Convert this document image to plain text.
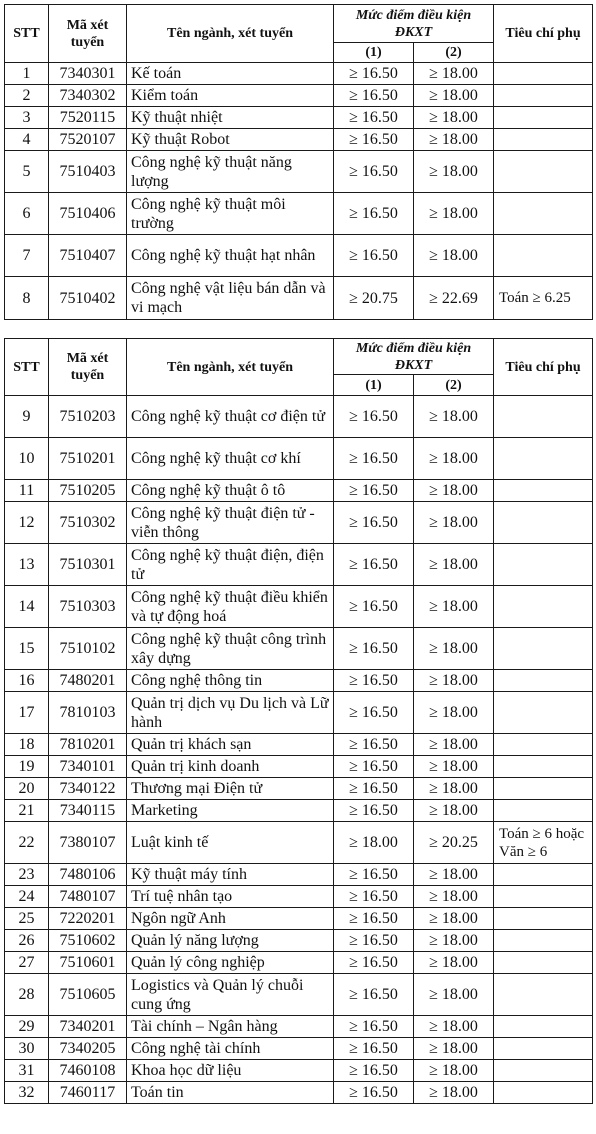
STT	Mã xét tuyển	Tên ngành, xét tuyển	Mức điểm điều kiện ĐKXT		Tiêu chí phụ
			(1)	(2)	
1	7340301	Kế toán	≥ 16.50	≥ 18.00	
2	7340302	Kiểm toán	≥ 16.50	≥ 18.00	
3	7520115	Kỹ thuật nhiệt	≥ 16.50	≥ 18.00	
4	7520107	Kỹ thuật Robot	≥ 16.50	≥ 18.00	
5	7510403	Công nghệ kỹ thuật năng lượng	≥ 16.50	≥ 18.00	
6	7510406	Công nghệ kỹ thuật môi trường	≥ 16.50	≥ 18.00	
7	7510407	Công nghệ kỹ thuật hạt nhân	≥ 16.50	≥ 18.00	
8	7510402	Công nghệ vật liệu bán dẫn và vi mạch	≥ 20.75	≥ 22.69	Toán ≥ 6.25
STT	Mã xét tuyển	Tên ngành, xét tuyển	Mức điểm điều kiện ĐKXT		Tiêu chí phụ
			(1)	(2)	
9	7510203	Công nghệ kỹ thuật cơ điện tử	≥ 16.50	≥ 18.00	
10	7510201	Công nghệ kỹ thuật cơ khí	≥ 16.50	≥ 18.00	
11	7510205	Công nghệ kỹ thuật ô tô	≥ 16.50	≥ 18.00	
12	7510302	Công nghệ kỹ thuật điện tử - viễn thông	≥ 16.50	≥ 18.00	
13	7510301	Công nghệ kỹ thuật điện, điện tử	≥ 16.50	≥ 18.00	
14	7510303	Công nghệ kỹ thuật điều khiển và tự động hoá	≥ 16.50	≥ 18.00	
15	7510102	Công nghệ kỹ thuật công trình xây dựng	≥ 16.50	≥ 18.00	
16	7480201	Công nghệ thông tin	≥ 16.50	≥ 18.00	
17	7810103	Quản trị dịch vụ Du lịch và Lữ hành	≥ 16.50	≥ 18.00	
18	7810201	Quản trị khách sạn	≥ 16.50	≥ 18.00	
19	7340101	Quản trị kinh doanh	≥ 16.50	≥ 18.00	
20	7340122	Thương mại Điện tử	≥ 16.50	≥ 18.00	
21	7340115	Marketing	≥ 16.50	≥ 18.00	
22	7380107	Luật kinh tế	≥ 18.00	≥ 20.25	Toán ≥ 6 hoặc Văn ≥ 6
23	7480106	Kỹ thuật máy tính	≥ 16.50	≥ 18.00	
24	7480107	Trí tuệ nhân tạo	≥ 16.50	≥ 18.00	
25	7220201	Ngôn ngữ Anh	≥ 16.50	≥ 18.00	
26	7510602	Quản lý năng lượng	≥ 16.50	≥ 18.00	
27	7510601	Quản lý công nghiệp	≥ 16.50	≥ 18.00	
28	7510605	Logistics và Quản lý chuỗi cung ứng	≥ 16.50	≥ 18.00	
29	7340201	Tài chính – Ngân hàng	≥ 16.50	≥ 18.00	
30	7340205	Công nghệ tài chính	≥ 16.50	≥ 18.00	
31	7460108	Khoa học dữ liệu	≥ 16.50	≥ 18.00	
32	7460117	Toán tin	≥ 16.50	≥ 18.00	
